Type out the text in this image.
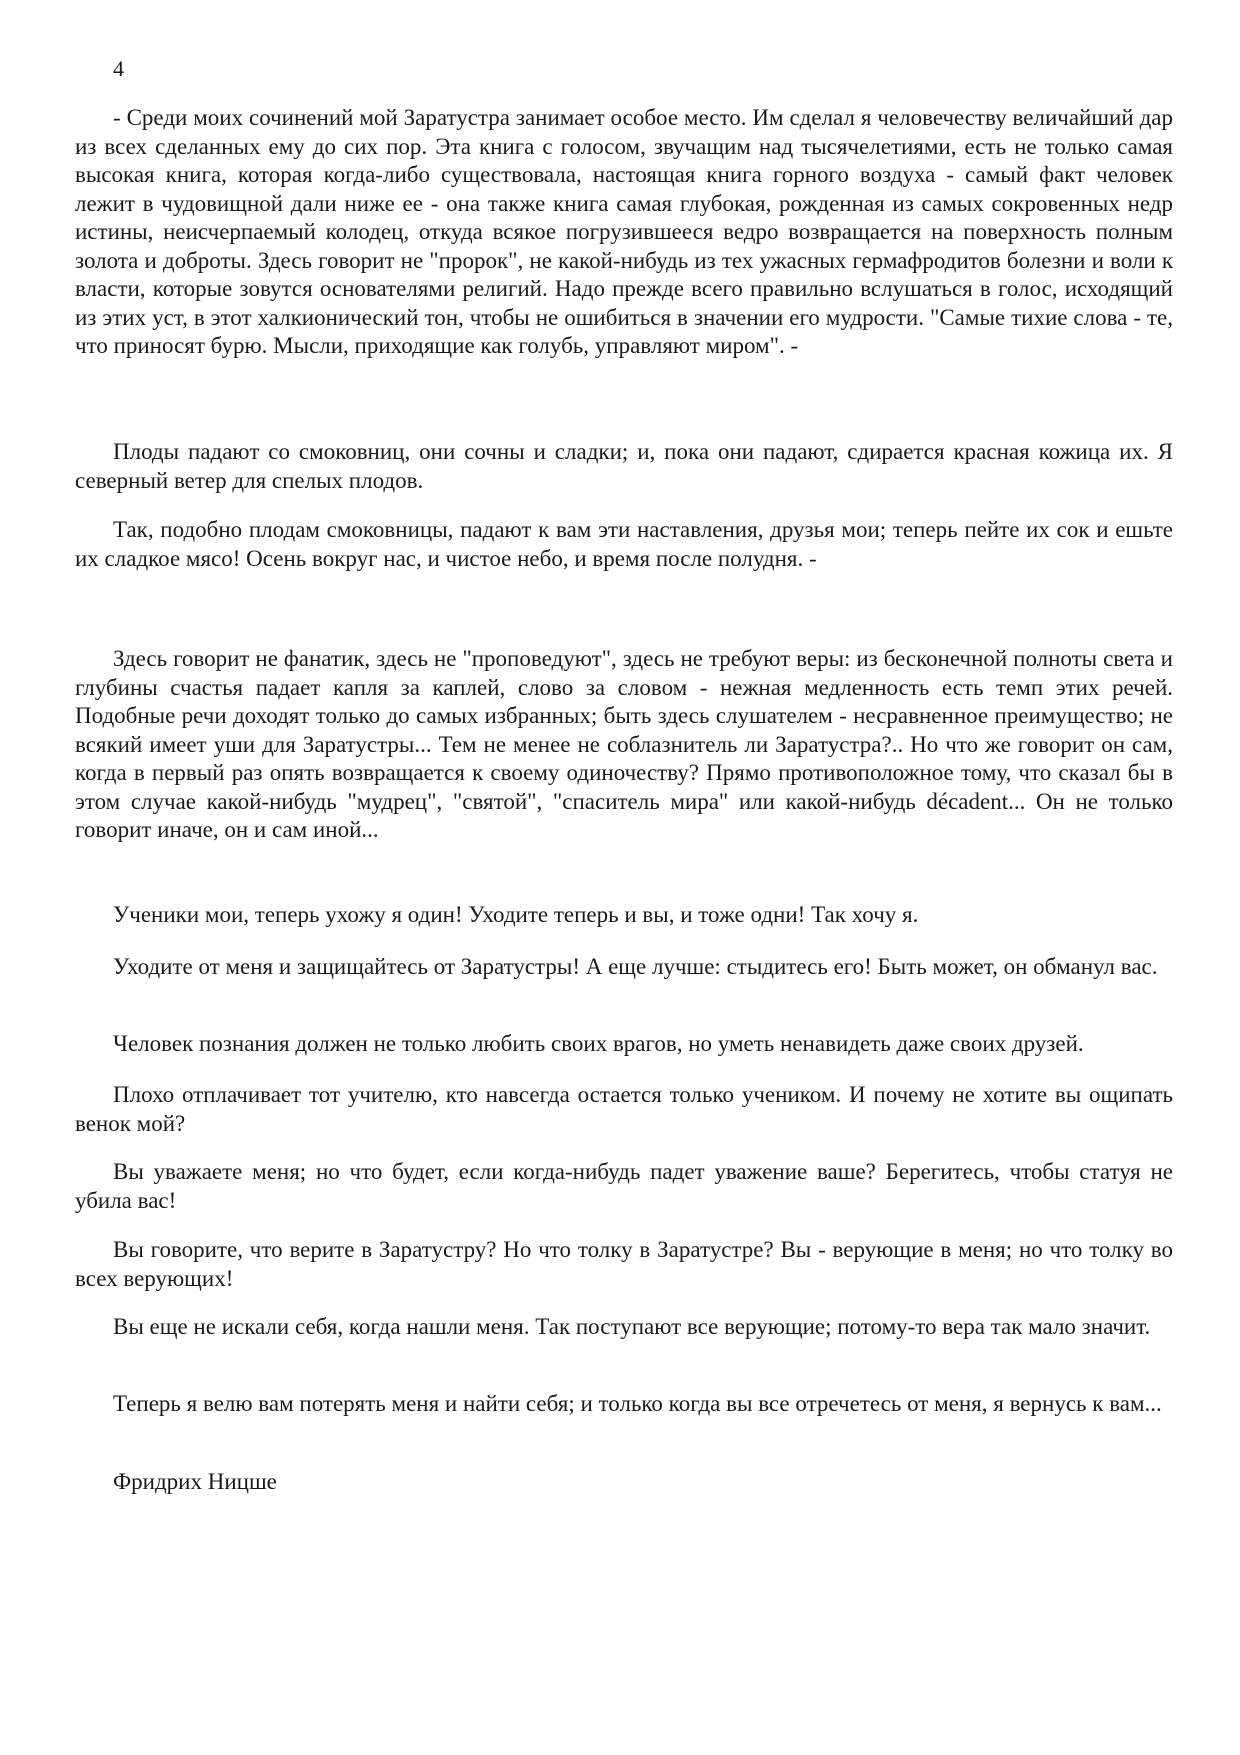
4

- Среди моих сочинений мой Заратустра занимает особое место. Им сделал я человечеству величайший дар из всех сделанных ему до сих пор. Эта книга с голосом, звучащим над тысячелетиями, есть не только самая высокая книга, которая когда-либо существовала, настоящая книга горного воздуха - самый факт человек лежит в чудовищной дали ниже ее - она также книга самая глубокая, рожденная из самых сокровенных недр истины, неисчерпаемый колодец, откуда всякое погрузившееся ведро возвращается на поверхность полным золота и доброты. Здесь говорит не "пророк", не какой-нибудь из тех ужасных гермафродитов болезни и воли к власти, которые зовутся основателями религий. Надо прежде всего правильно вслушаться в голос, исходящий из этих уст, в этот халкионический тон, чтобы не ошибиться в значении его мудрости. "Самые тихие слова - те, что приносят бурю. Мысли, приходящие как голубь, управляют миром". -

Плоды падают со смоковниц, они сочны и сладки; и, пока они падают, сдирается красная кожица их. Я северный ветер для спелых плодов.

Так, подобно плодам смоковницы, падают к вам эти наставления, друзья мои; теперь пейте их сок и ешьте их сладкое мясо! Осень вокруг нас, и чистое небо, и время после полудня. -

Здесь говорит не фанатик, здесь не "проповедуют", здесь не требуют веры: из бесконечной полноты света и глубины счастья падает капля за каплей, слово за словом - нежная медленность есть темп этих речей. Подобные речи доходят только до самых избранных; быть здесь слушателем - несравненное преимущество; не всякий имеет уши для Заратустры... Тем не менее не соблазнитель ли Заратустра?.. Но что же говорит он сам, когда в первый раз опять возвращается к своему одиночеству? Прямо противоположное тому, что сказал бы в этом случае какой-нибудь "мудрец", "святой", "спаситель мира" или какой-нибудь décadent... Он не только говорит иначе, он и сам иной...

Ученики мои, теперь ухожу я один! Уходите теперь и вы, и тоже одни! Так хочу я.

Уходите от меня и защищайтесь от Заратустры! А еще лучше: стыдитесь его! Быть может, он обманул вас.

Человек познания должен не только любить своих врагов, но уметь ненавидеть даже своих друзей.

Плохо отплачивает тот учителю, кто навсегда остается только учеником. И почему не хотите вы ощипать венок мой?

Вы уважаете меня; но что будет, если когда-нибудь падет уважение ваше? Берегитесь, чтобы статуя не убила вас!

Вы говорите, что верите в Заратустру? Но что толку в Заратустре? Вы - верующие в меня; но что толку во всех верующих!

Вы еще не искали себя, когда нашли меня. Так поступают все верующие; потому-то вера так мало значит.

Теперь я велю вам потерять меня и найти себя; и только когда вы все отречетесь от меня, я вернусь к вам...

Фридрих Ницше
